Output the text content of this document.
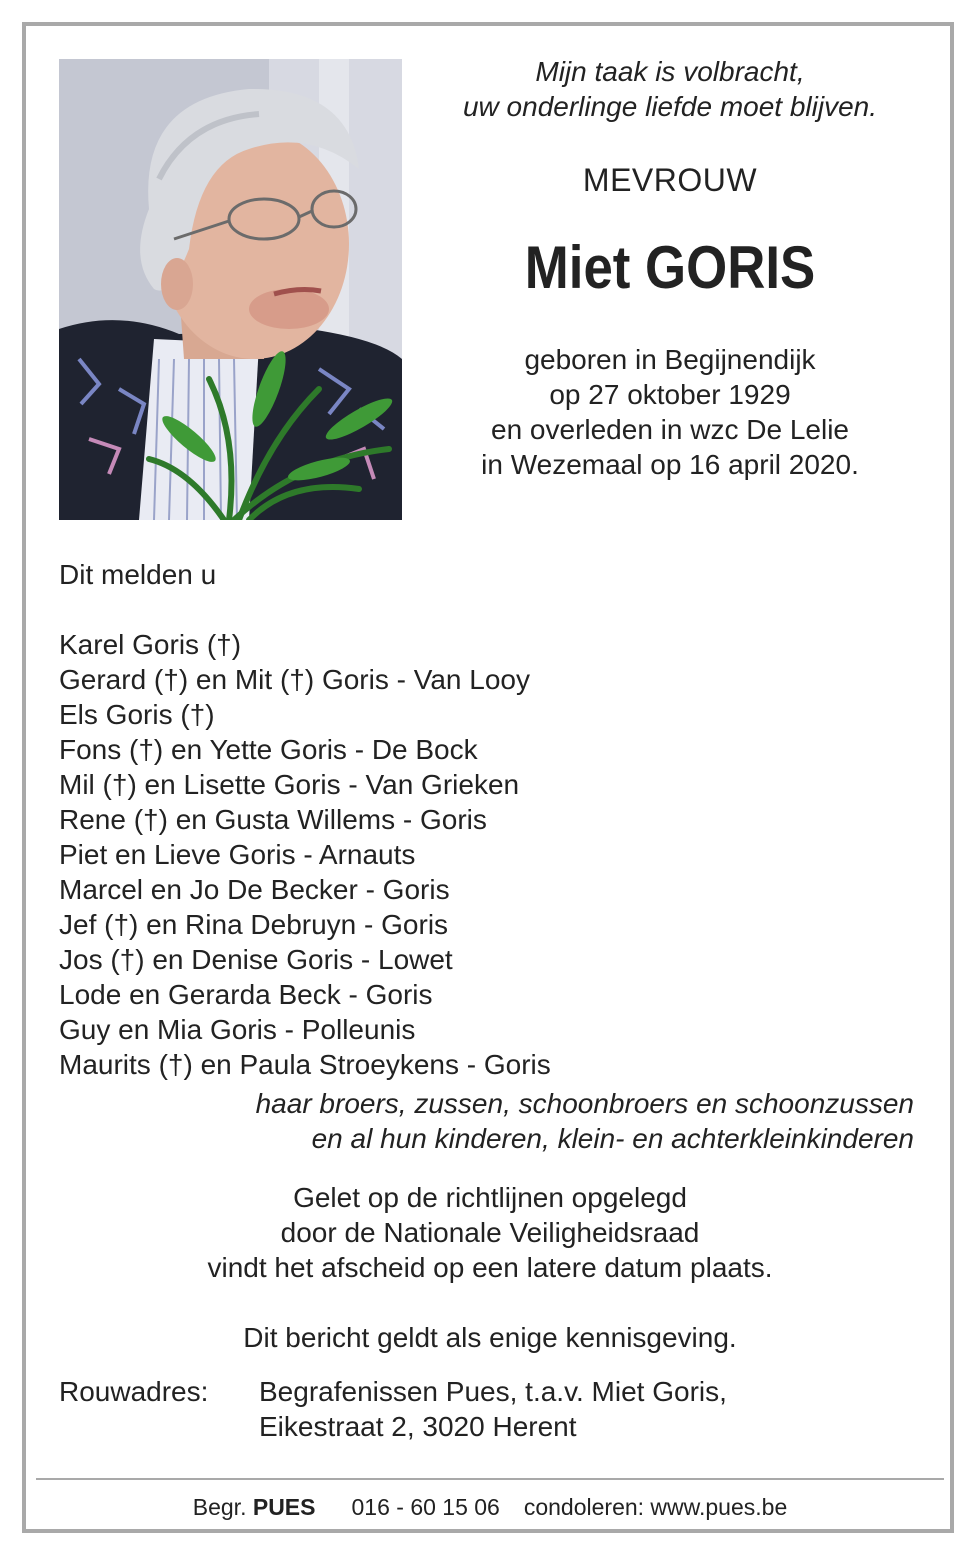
Mijn taak is volbracht,
uw onderlinge liefde moet blijven.
MEVROUW
Miet GORIS
geboren in Begijnendijk
op 27 oktober 1929
en overleden in wzc De Lelie
in Wezemaal op 16 april 2020.
Dit melden u
Karel Goris (†)
Gerard (†) en Mit (†) Goris - Van Looy
Els Goris (†)
Fons (†) en Yette Goris - De Bock
Mil (†) en Lisette Goris - Van Grieken
Rene (†) en Gusta Willems - Goris
Piet en Lieve Goris - Arnauts
Marcel en Jo De Becker - Goris
Jef (†) en Rina Debruyn - Goris
Jos (†) en Denise Goris - Lowet
Lode en Gerarda Beck - Goris
Guy en Mia Goris - Polleunis
Maurits (†) en Paula Stroeykens - Goris
haar broers, zussen, schoonbroers en schoonzussen
en al hun kinderen, klein- en achterkleinkinderen
Gelet op de richtlijnen opgelegd
door de Nationale Veiligheidsraad
vindt het afscheid op een latere datum plaats.
Dit bericht geldt als enige kennisgeving.
Rouwadres: Begrafenissen Pues, t.a.v. Miet Goris,
Eikestraat 2, 3020 Herent
Begr. PUES 016 - 60 15 06 condoleren: www.pues.be
